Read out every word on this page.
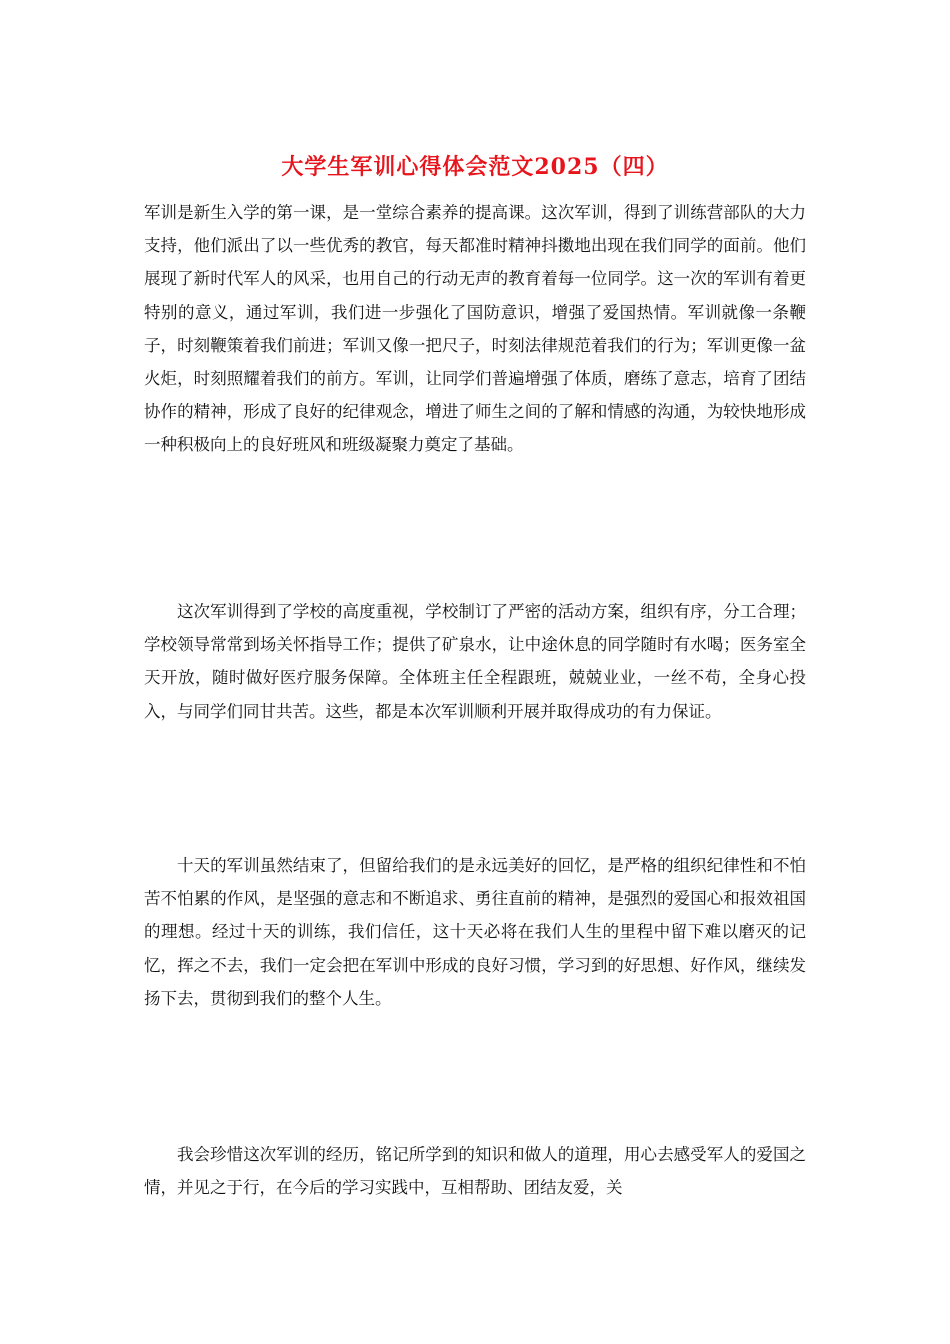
大学生军训心得体会范文2025（四）

军训是新生入学的第一课，是一堂综合素养的提高课。这次军训，得到了训练营部队的大力支持，他们派出了以一些优秀的教官，每天都准时精神抖擞地出现在我们同学的面前。他们展现了新时代军人的风采，也用自己的行动无声的教育着每一位同学。这一次的军训有着更特别的意义，通过军训，我们进一步强化了国防意识，增强了爱国热情。军训就像一条鞭子，时刻鞭策着我们前进；军训又像一把尺子，时刻法律规范着我们的行为；军训更像一盆火炬，时刻照耀着我们的前方。军训，让同学们普遍增强了体质，磨练了意志，培育了团结协作的精神，形成了良好的纪律观念，增进了师生之间的了解和情感的沟通，为较快地形成一种积极向上的良好班风和班级凝聚力奠定了基础。

这次军训得到了学校的高度重视，学校制订了严密的活动方案，组织有序，分工合理；学校领导常常到场关怀指导工作；提供了矿泉水，让中途休息的同学随时有水喝；医务室全天开放，随时做好医疗服务保障。全体班主任全程跟班，兢兢业业，一丝不苟，全身心投入，与同学们同甘共苦。这些，都是本次军训顺利开展并取得成功的有力保证。

十天的军训虽然结束了，但留给我们的是永远美好的回忆，是严格的组织纪律性和不怕苦不怕累的作风，是坚强的意志和不断追求、勇往直前的精神，是强烈的爱国心和报效祖国的理想。经过十天的训练，我们信任，这十天必将在我们人生的里程中留下难以磨灭的记忆，挥之不去，我们一定会把在军训中形成的良好习惯，学习到的好思想、好作风，继续发扬下去，贯彻到我们的整个人生。

我会珍惜这次军训的经历，铭记所学到的知识和做人的道理，用心去感受军人的爱国之情，并见之于行，在今后的学习实践中，互相帮助、团结友爱，关
